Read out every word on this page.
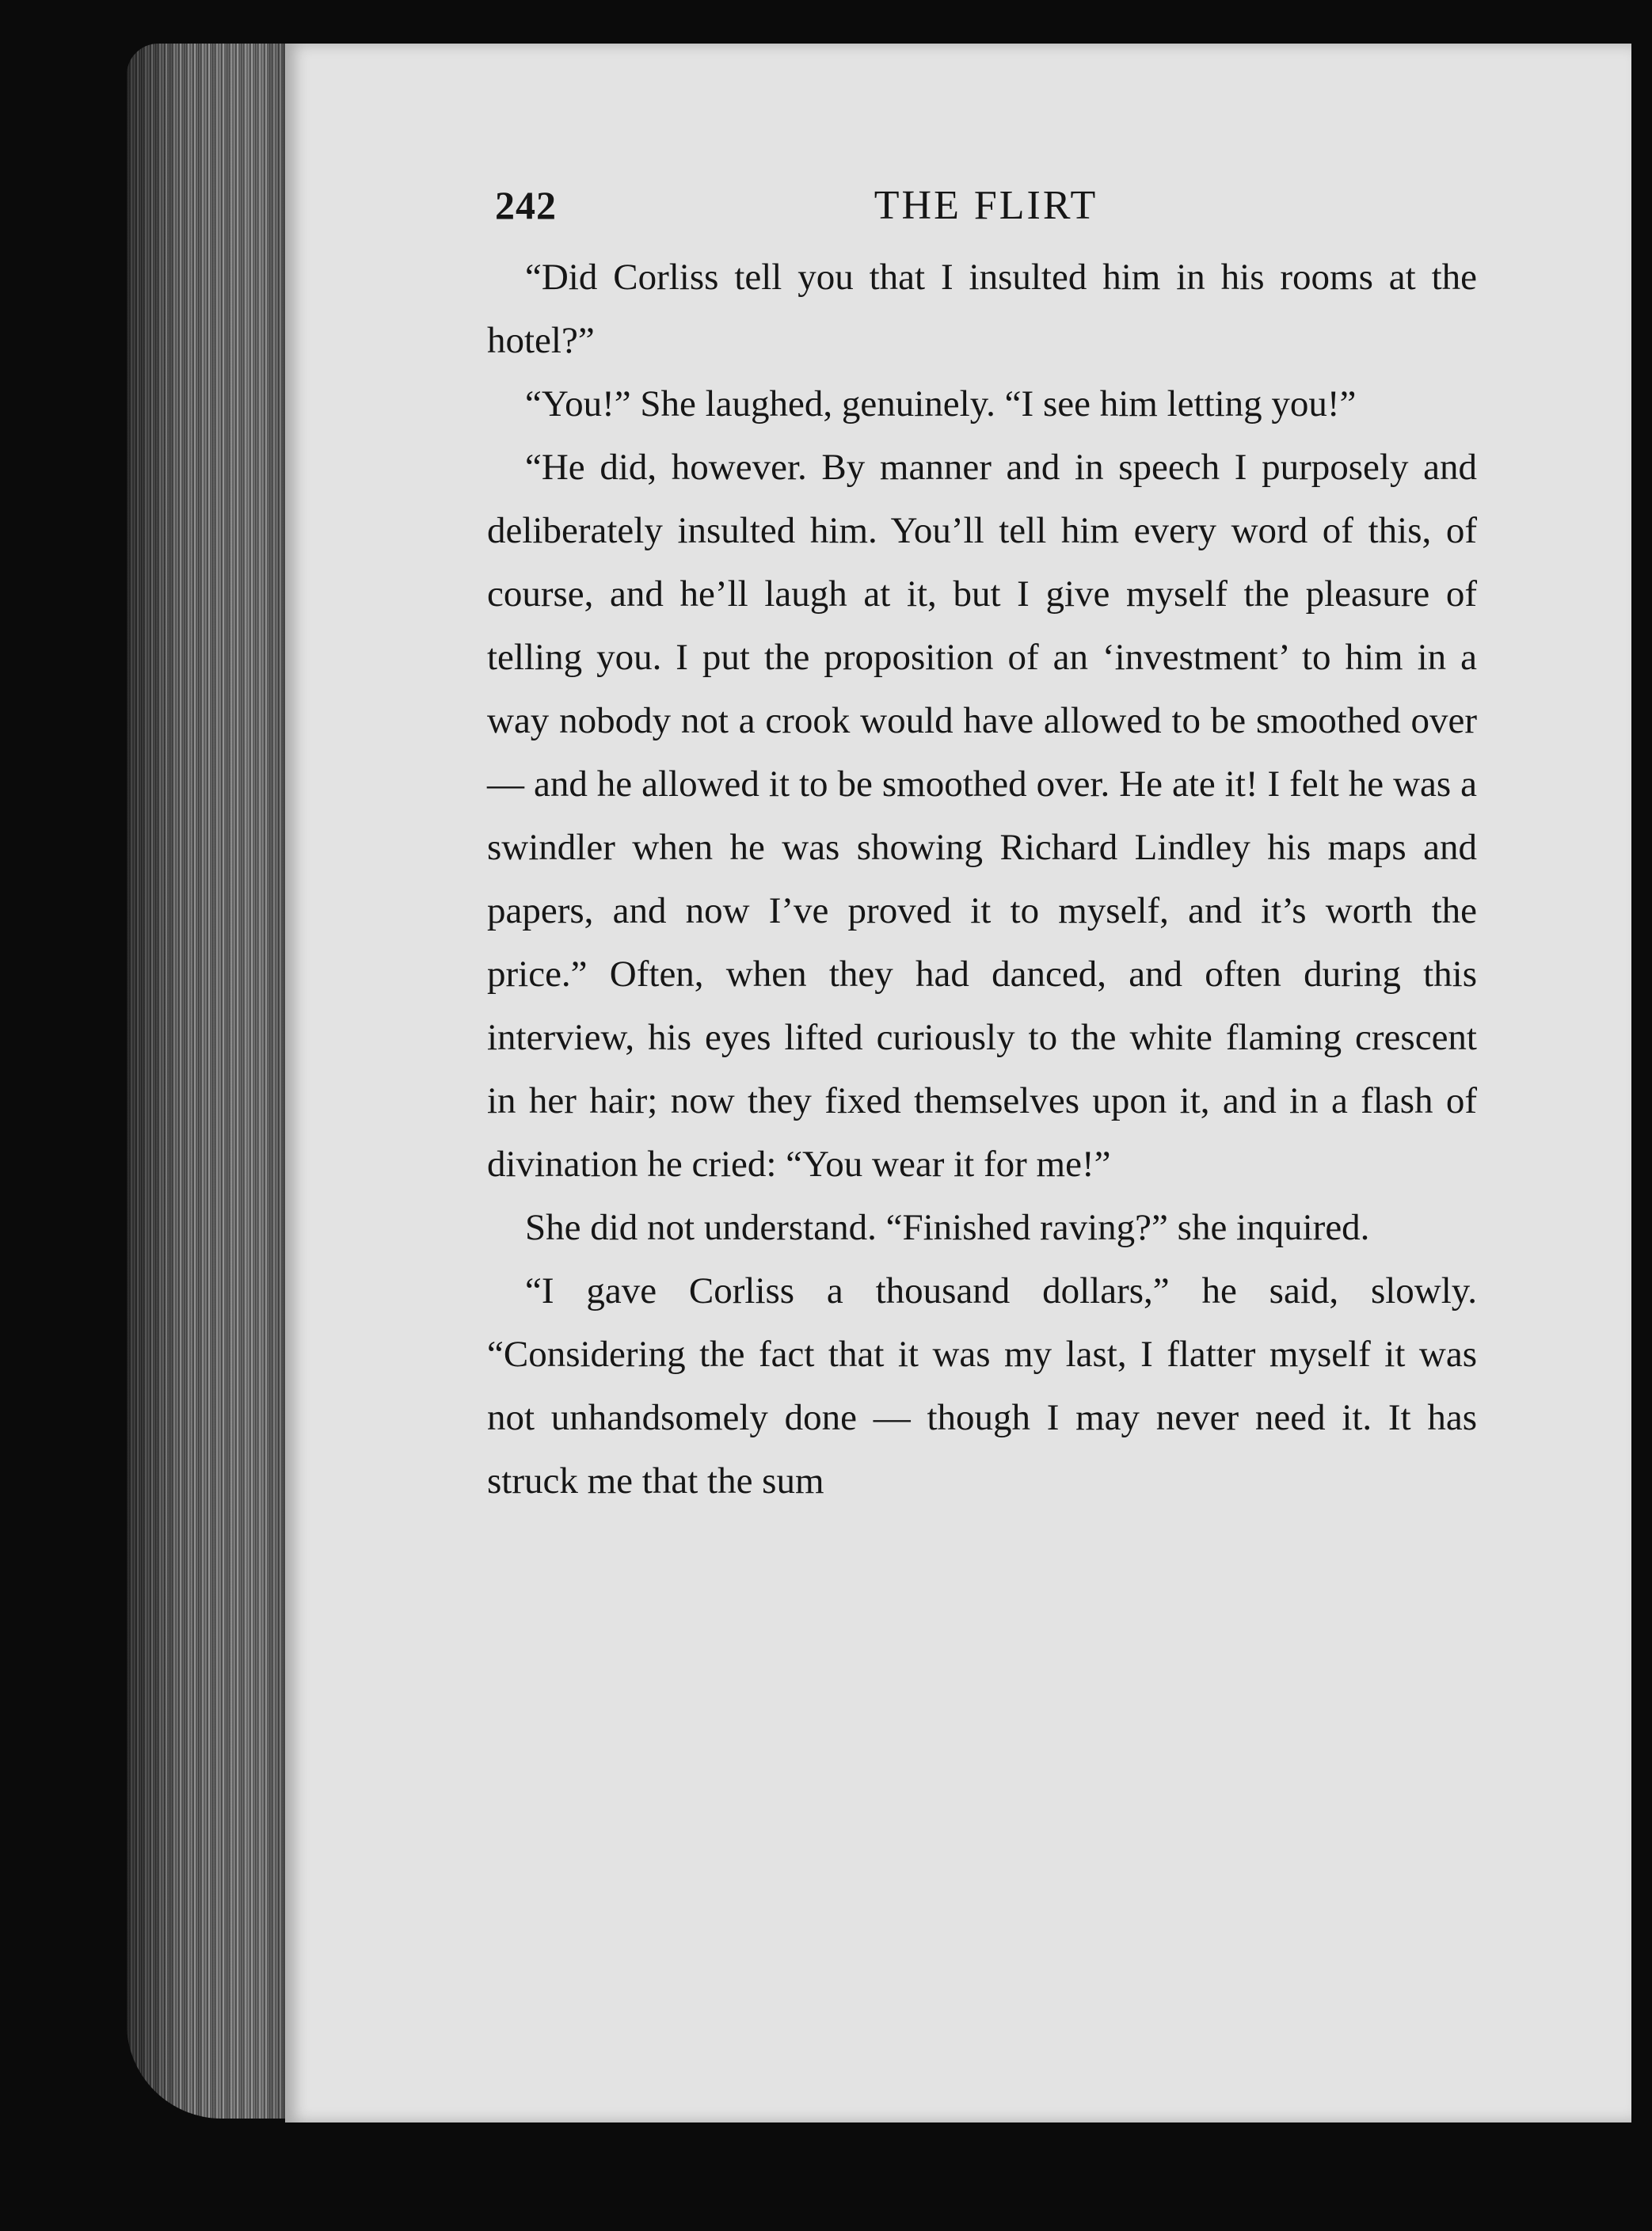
242	THE FLIRT

“Did Corliss tell you that I insulted him in his rooms at the hotel?”

“You!” She laughed, genuinely. “I see him letting you!”

“He did, however. By manner and in speech I purposely and deliberately insulted him. You’ll tell him every word of this, of course, and he’ll laugh at it, but I give myself the pleasure of telling you. I put the proposition of an ‘investment’ to him in a way nobody not a crook would have allowed to be smoothed over — and he allowed it to be smoothed over. He ate it! I felt he was a swindler when he was showing Richard Lindley his maps and papers, and now I’ve proved it to myself, and it’s worth the price.” Often, when they had danced, and often during this interview, his eyes lifted curiously to the white flaming crescent in her hair; now they fixed themselves upon it, and in a flash of divination he cried: “You wear it for me!”

She did not understand. “Finished raving?” she inquired.

“I gave Corliss a thousand dollars,” he said, slowly. “Considering the fact that it was my last, I flatter myself it was not unhandsomely done — though I may never need it. It has struck me that the sum
